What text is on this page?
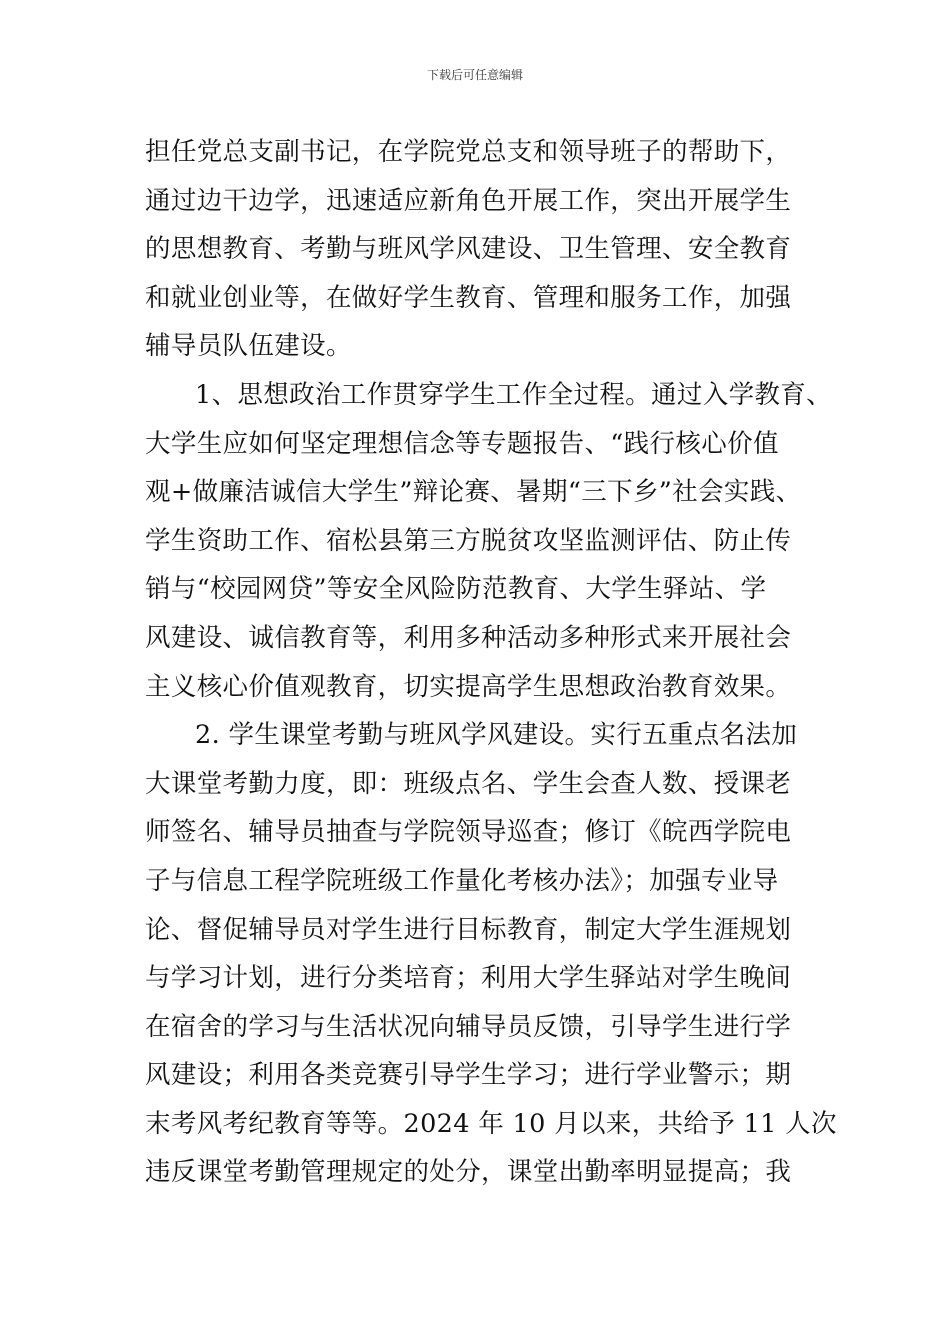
下载后可任意编辑
担任党总支副书记，在学院党总支和领导班子的帮助下，
通过边干边学，迅速适应新角色开展工作，突出开展学生
的思想教育、考勤与班风学风建设、卫生管理、安全教育
和就业创业等，在做好学生教育、管理和服务工作，加强
辅导员队伍建设。
1、思想政治工作贯穿学生工作全过程。通过入学教育、
大学生应如何坚定理想信念等专题报告、“践行核心价值
观+做廉洁诚信大学生”辩论赛、暑期“三下乡”社会实践、
学生资助工作、宿松县第三方脱贫攻坚监测评估、防止传
销与“校园网贷”等安全风险防范教育、大学生驿站、学
风建设、诚信教育等，利用多种活动多种形式来开展社会
主义核心价值观教育，切实提高学生思想政治教育效果。
2. 学生课堂考勤与班风学风建设。实行五重点名法加
大课堂考勤力度，即：班级点名、学生会查人数、授课老
师签名、辅导员抽查与学院领导巡查；修订《皖西学院电
子与信息工程学院班级工作量化考核办法》；加强专业导
论、督促辅导员对学生进行目标教育，制定大学生涯规划
与学习计划，进行分类培育；利用大学生驿站对学生晚间
在宿舍的学习与生活状况向辅导员反馈，引导学生进行学
风建设；利用各类竞赛引导学生学习；进行学业警示；期
末考风考纪教育等等。2024 年 10 月以来，共给予 11 人次
违反课堂考勤管理规定的处分，课堂出勤率明显提高；我
